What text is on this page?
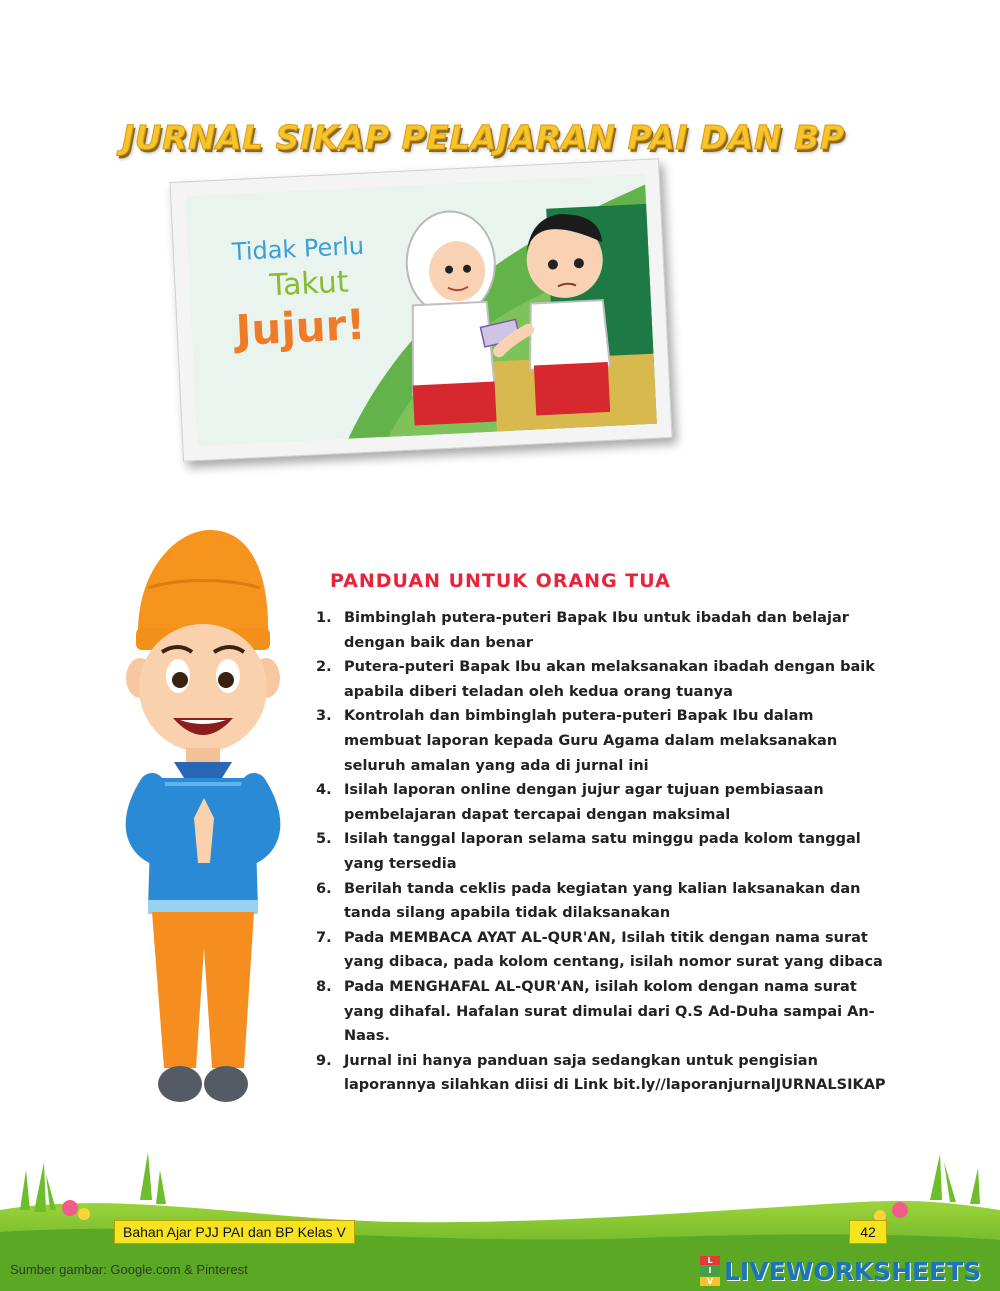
JURNAL SIKAP PELAJARAN PAI DAN BP
Tidak Perlu
Takut
Jujur!
PANDUAN UNTUK ORANG TUA
1. Bimbinglah putera-puteri Bapak Ibu untuk ibadah dan belajar dengan baik dan benar
2. Putera-puteri Bapak Ibu akan melaksanakan ibadah dengan baik apabila diberi teladan oleh kedua orang tuanya
3. Kontrolah dan bimbinglah putera-puteri Bapak Ibu dalam membuat laporan kepada Guru Agama dalam melaksanakan seluruh amalan yang ada di jurnal ini
4. Isilah laporan online dengan jujur agar tujuan pembiasaan pembelajaran dapat tercapai dengan maksimal
5. Isilah tanggal laporan selama satu minggu pada kolom tanggal yang tersedia
6. Berilah tanda ceklis pada kegiatan yang kalian laksanakan dan tanda silang apabila tidak dilaksanakan
7. Pada MEMBACA AYAT AL-QUR'AN, Isilah titik dengan nama surat yang dibaca, pada kolom centang, isilah nomor surat yang dibaca
8. Pada MENGHAFAL AL-QUR'AN, isilah kolom dengan nama surat yang dihafal. Hafalan surat dimulai dari Q.S Ad-Duha sampai An-Naas.
9. Jurnal ini hanya panduan saja sedangkan untuk pengisian laporannya silahkan diisi di Link bit.ly//laporanjurnalJURNALSIKAP
Bahan Ajar PJJ PAI dan BP Kelas V	42
Sumber gambar: Google.com & Pinterest
L
I
V LIVEWORKSHEETS
